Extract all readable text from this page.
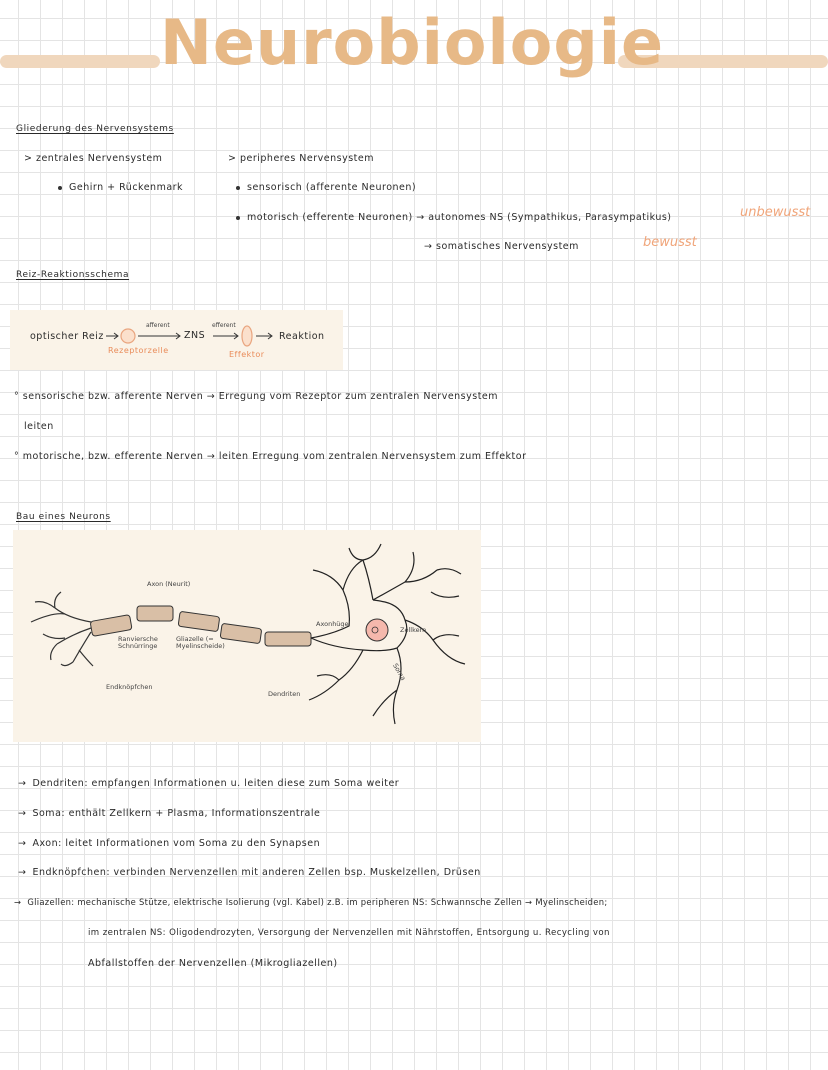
Neurobiologie
Gliederung des Nervensystems
> zentrales Nervensystem
Gehirn + Rückenmark
> peripheres Nervensystem
sensorisch (afferente Neuronen)
motorisch (efferente Neuronen) → autonomes NS (Sympathikus, Parasympatikus)
→ somatisches Nervensystem
unbewusst
bewusst
Reiz-Reaktionsschema
optischer Reiz
afferent	efferent
ZNS	Reaktion
Rezeptorzelle	Effektor
° sensorische bzw. afferente Nerven → Erregung vom Rezeptor zum zentralen Nervensystem
leiten
° motorische, bzw. efferente Nerven → leiten Erregung vom zentralen Nervensystem zum Effektor
Bau eines Neurons
Axon (Neurit)
Ranviersche Schnürringe
Gliazelle (= Myelinscheide)
Endknöpfchen
Axonhügel
Zellkern
Soma
Dendriten
→ Dendriten: empfangen Informationen u. leiten diese zum Soma weiter
→ Soma: enthält Zellkern + Plasma, Informationszentrale
→ Axon: leitet Informationen vom Soma zu den Synapsen
→ Endknöpfchen: verbinden Nervenzellen mit anderen Zellen bsp. Muskelzellen, Drüsen
→ Gliazellen: mechanische Stütze, elektrische Isolierung (vgl. Kabel) z.B. im peripheren NS: Schwannsche Zellen → Myelinscheiden;
im zentralen NS: Oligodendrozyten, Versorgung der Nervenzellen mit Nährstoffen, Entsorgung u. Recycling von
Abfallstoffen der Nervenzellen (Mikrogliazellen)
